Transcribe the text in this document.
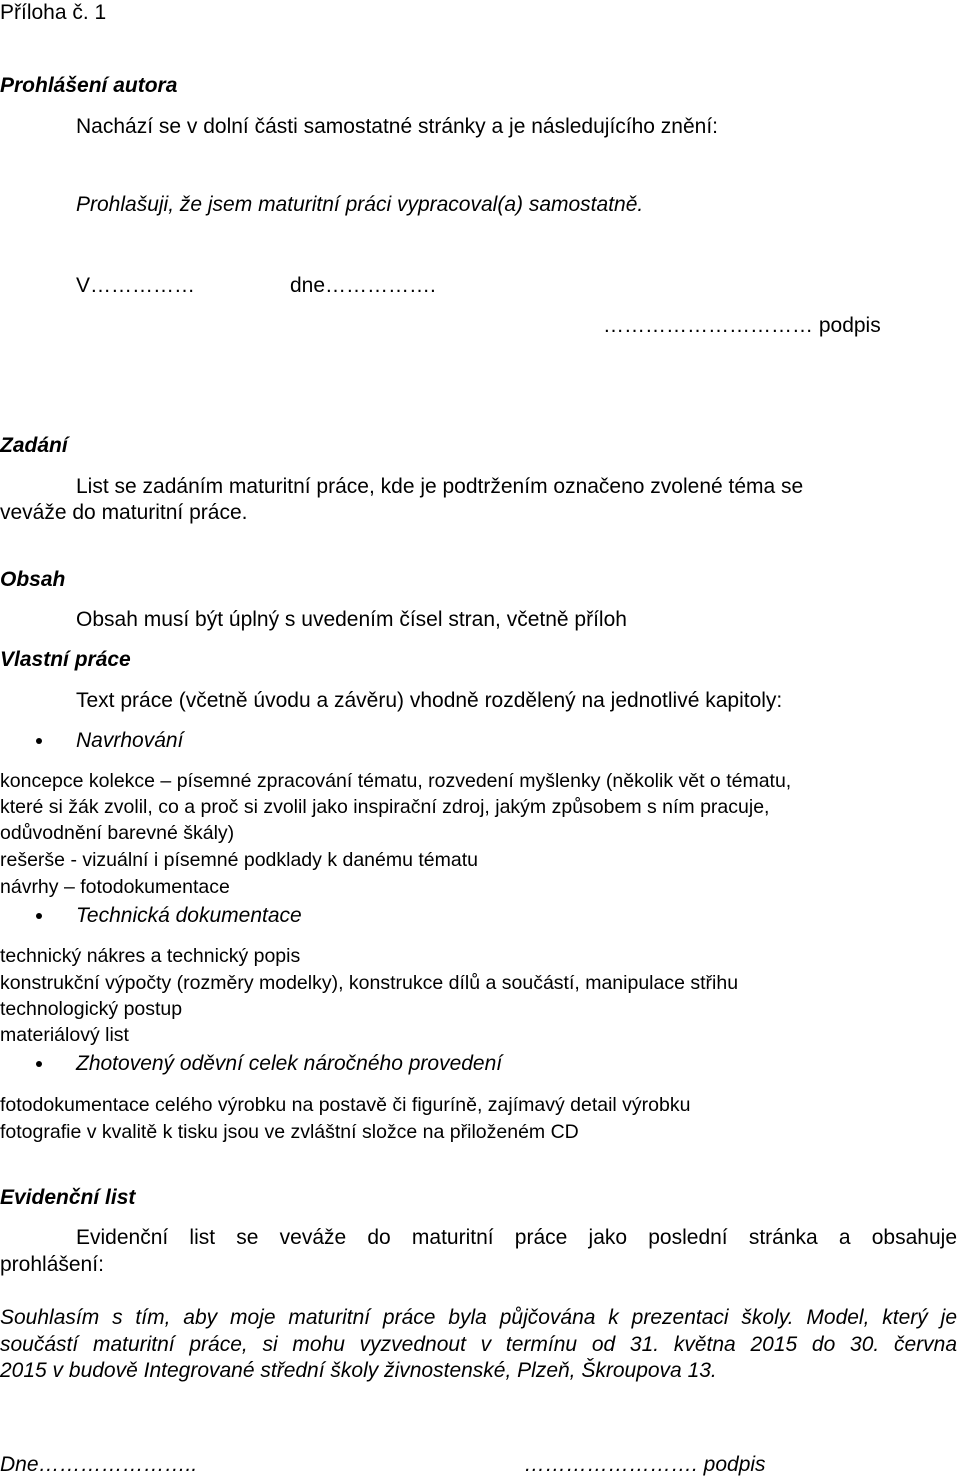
Příloha č. 1
Prohlášení autora
Nachází se v dolní části samostatné stránky a je následujícího znění:
Prohlašuji, že jsem maturitní práci vypracoval(a) samostatně.
V……………	dne…………….
………………………… podpis
Zadání
List se zadáním maturitní práce, kde je podtržením označeno zvolené téma se
veváže do maturitní práce.
Obsah
Obsah musí být úplný s uvedením čísel stran, včetně příloh
Vlastní práce
Text práce (včetně úvodu a závěru) vhodně rozdělený na jednotlivé kapitoly:
Navrhování
koncepce kolekce – písemné zpracování tématu, rozvedení myšlenky (několik vět o tématu,
které si žák zvolil, co a proč si zvolil jako inspirační zdroj, jakým způsobem s ním pracuje,
odůvodnění barevné škály)
rešerše - vizuální i písemné podklady k danému tématu
návrhy – fotodokumentace
Technická dokumentace
technický nákres a technický popis
konstrukční výpočty (rozměry modelky), konstrukce dílů a součástí, manipulace střihu
technologický postup
materiálový list
Zhotovený oděvní celek náročného provedení
fotodokumentace celého výrobku na postavě či figuríně, zajímavý detail výrobku
fotografie v kvalitě k tisku jsou ve zvláštní složce na přiloženém CD
Evidenční list
Evidenční list se veváže do maturitní práce jako poslední stránka a obsahuje
prohlášení:
Souhlasím s tím, aby moje maturitní práce byla půjčována k prezentaci školy. Model, který je
součástí maturitní práce, si mohu vyzvednout v termínu od 31. května 2015 do 30. června
2015 v budově Integrované střední školy živnostenské, Plzeň, Škroupova 13.
Dne…………………..	……………………. podpis
